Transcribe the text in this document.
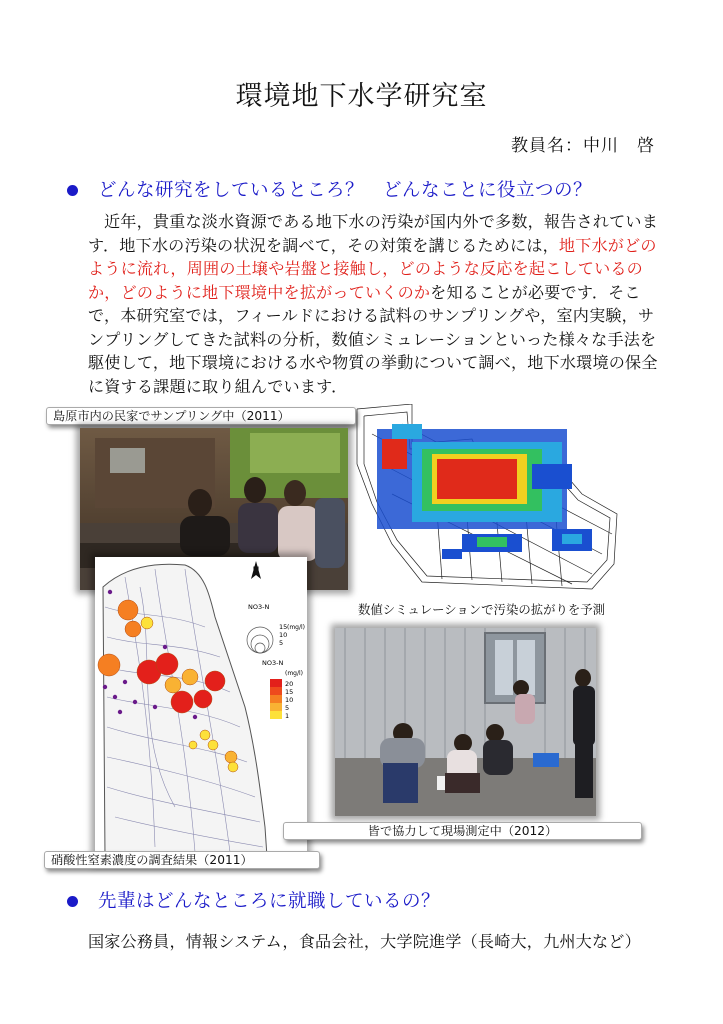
環境地下水学研究室
教員名：中川　啓
どんな研究をしているところ？　どんなことに役立つの？
近年，貴重な淡水資源である地下水の汚染が国内外で多数，報告されています．地下水の汚染の状況を調べて，その対策を講じるためには，地下水がどのように流れ，周囲の土壌や岩盤と接触し，どのような反応を起こしているのか，どのように地下環境中を拡がっていくのかを知ることが必要です．そこで，本研究室では，フィールドにおける試料のサンプリングや，室内実験，サンプリングしてきた試料の分析，数値シミュレーションといった様々な手法を駆使して，地下環境における水や物質の挙動について調べ，地下水環境の保全に資する課題に取り組んでいます．
島原市内の民家でサンプリング中（2011）
数値シミュレーションで汚染の拡がりを予測
NO3-N
15 (mg/l)
10
5
NO3-N
(mg/l)
20
15
10
5
1
皆で協力して現場測定中（2012）
硝酸性窒素濃度の調査結果（2011）
先輩はどんなところに就職しているの？
国家公務員，情報システム，食品会社，大学院進学（長崎大，九州大など）
